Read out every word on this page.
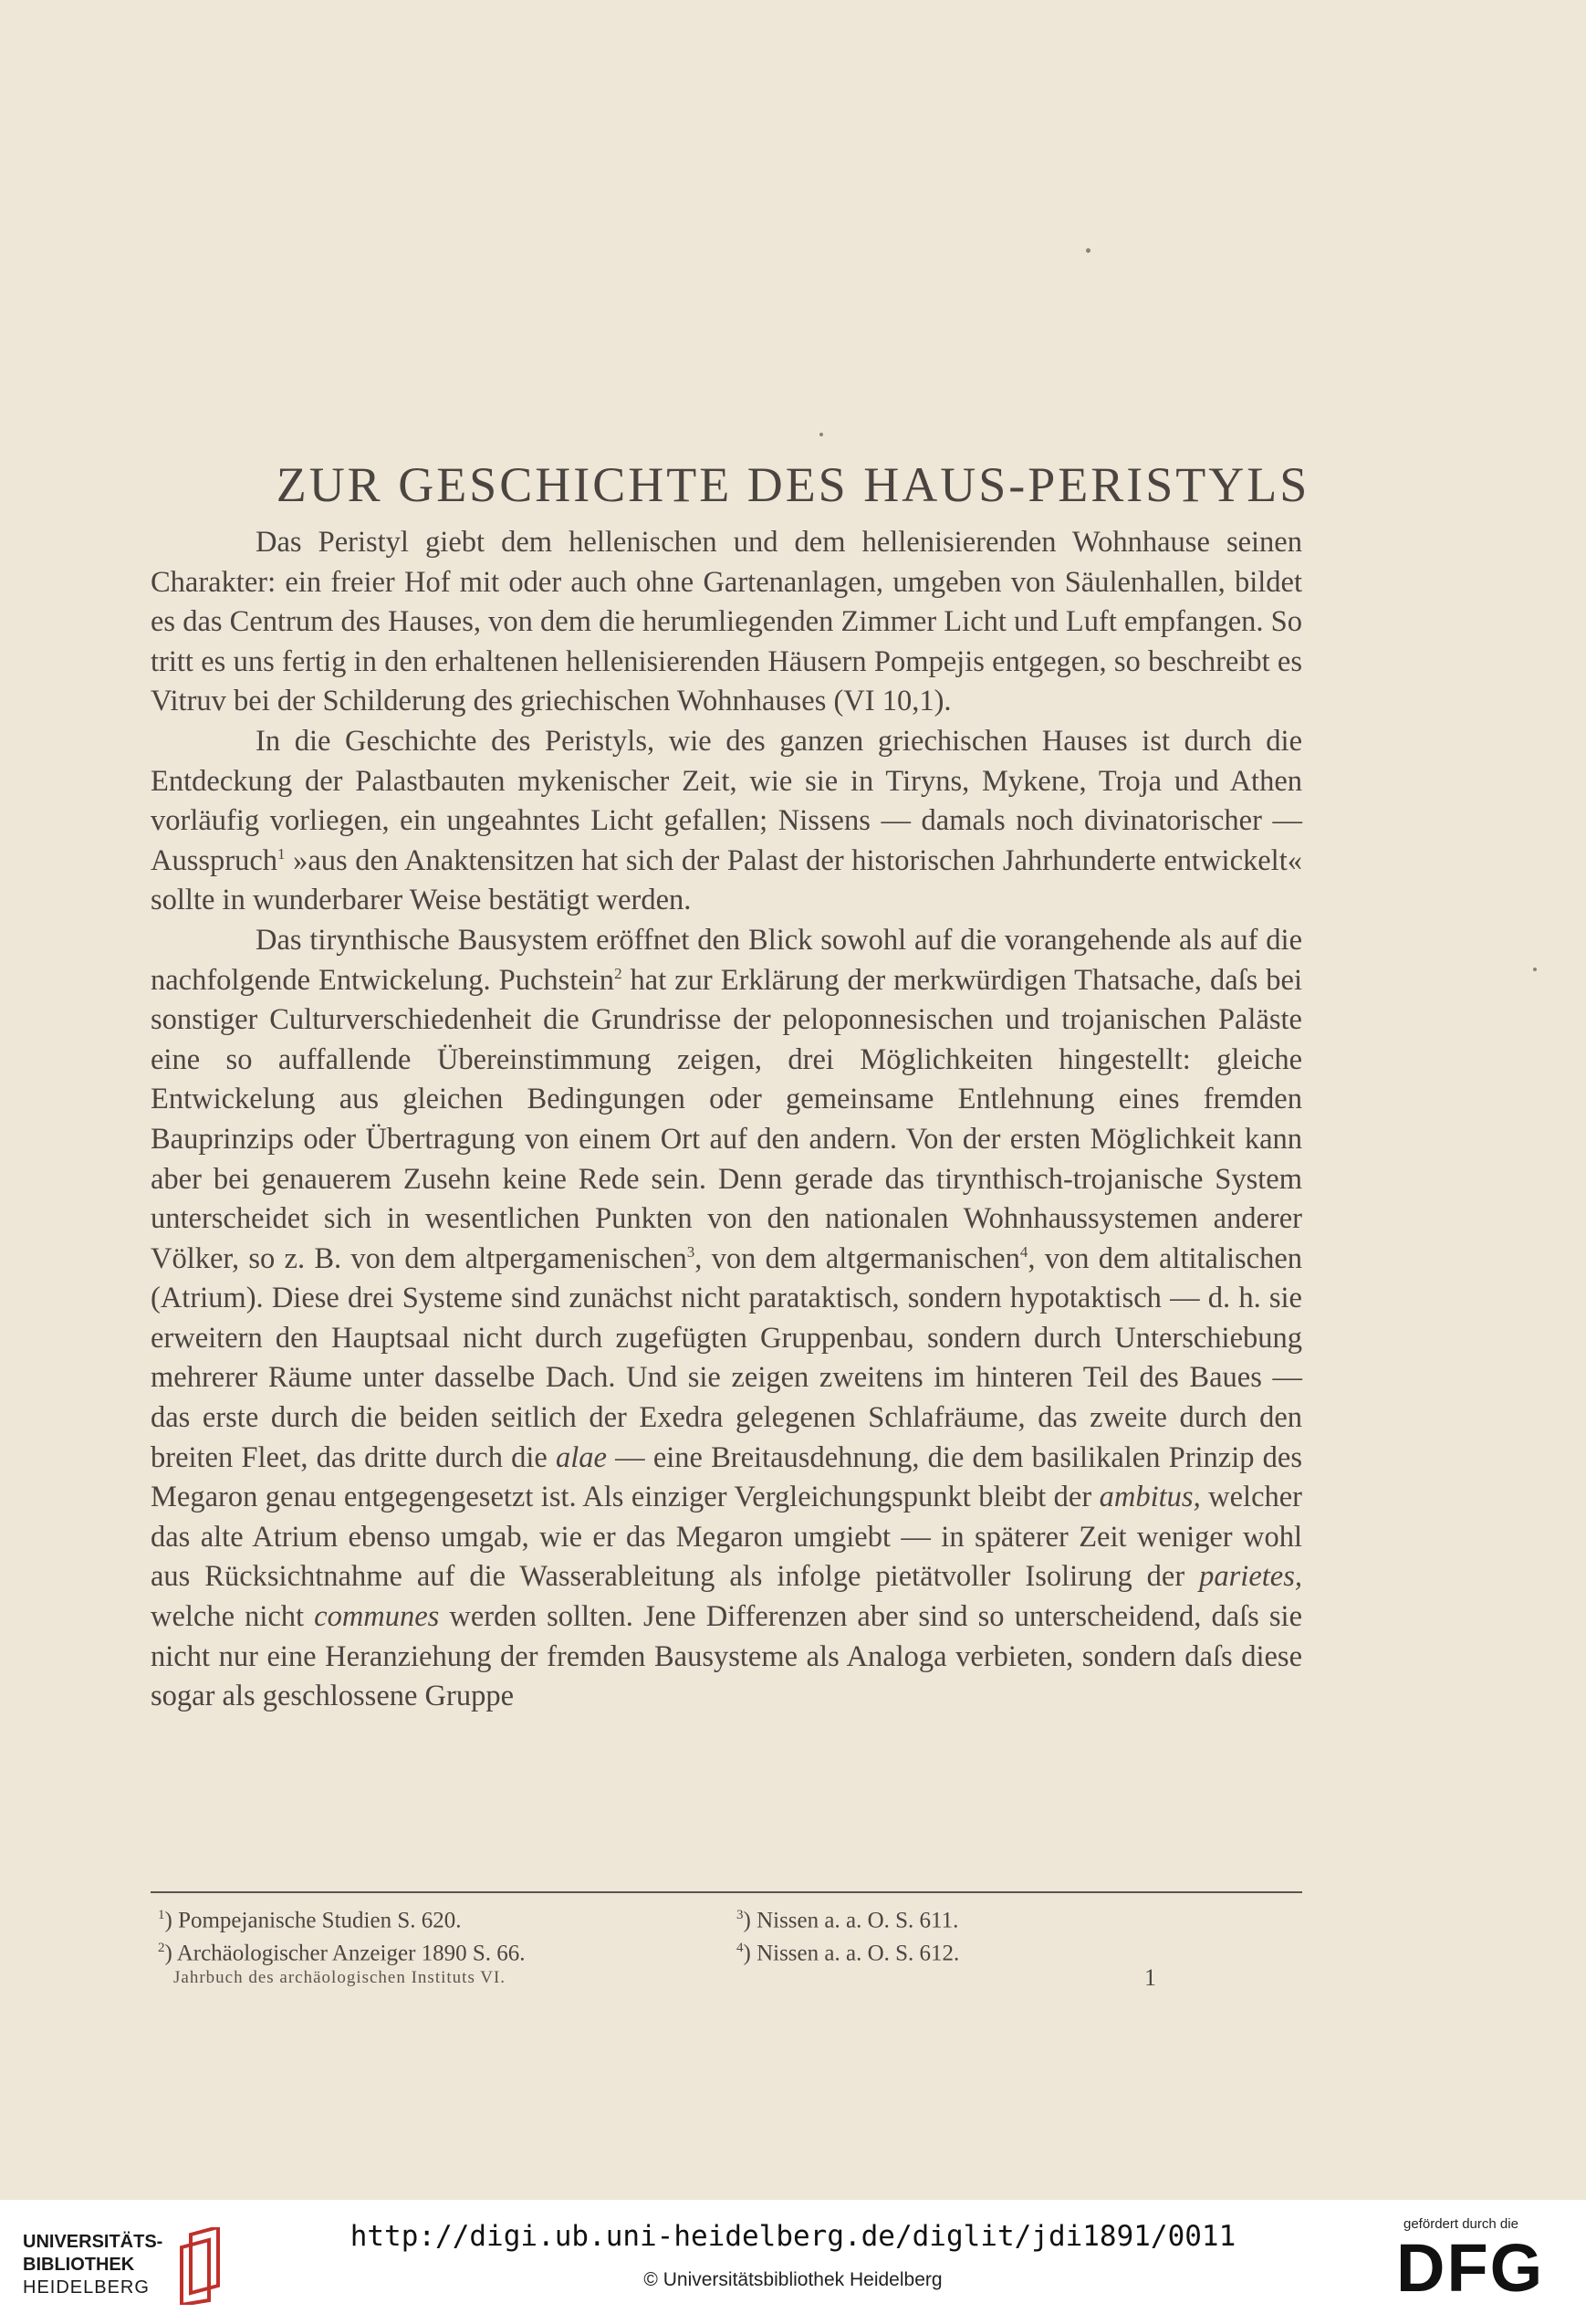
ZUR GESCHICHTE DES HAUS-PERISTYLS

Das Peristyl giebt dem hellenischen und dem hellenisierenden Wohnhause seinen Charakter: ein freier Hof mit oder auch ohne Gartenanlagen, umgeben von Säulenhallen, bildet es das Centrum des Hauses, von dem die herumliegenden Zimmer Licht und Luft empfangen. So tritt es uns fertig in den erhaltenen hellenisierenden Häusern Pompejis entgegen, so beschreibt es Vitruv bei der Schilderung des griechischen Wohnhauses (VI 10,1).

In die Geschichte des Peristyls, wie des ganzen griechischen Hauses ist durch die Entdeckung der Palastbauten mykenischer Zeit, wie sie in Tiryns, Mykene, Troja und Athen vorläufig vorliegen, ein ungeahntes Licht gefallen; Nissens — damals noch divinatorischer — Ausspruch$^1$ »aus den Anaktensitzen hat sich der Palast der historischen Jahrhunderte entwickelt« sollte in wunderbarer Weise bestätigt werden.

Das tirynthische Bausystem eröffnet den Blick sowohl auf die vorangehende als auf die nachfolgende Entwickelung. Puchstein$^2$ hat zur Erklärung der merkwürdigen Thatsache, daſs bei sonstiger Culturverschiedenheit die Grundrisse der peloponnesischen und trojanischen Paläste eine so auffallende Übereinstimmung zeigen, drei Möglichkeiten hingestellt: gleiche Entwickelung aus gleichen Bedingungen oder gemeinsame Entlehnung eines fremden Bauprinzips oder Übertragung von einem Ort auf den andern. Von der ersten Möglichkeit kann aber bei genauerem Zusehn keine Rede sein. Denn gerade das tirynthisch-trojanische System unterscheidet sich in wesentlichen Punkten von den nationalen Wohnhaussystemen anderer Völker, so z. B. von dem altpergamenischen$^3$, von dem altgermanischen$^4$, von dem altitalischen (Atrium). Diese drei Systeme sind zunächst nicht parataktisch, sondern hypotaktisch — d. h. sie erweitern den Hauptsaal nicht durch zugefügten Gruppenbau, sondern durch Unterschiebung mehrerer Räume unter dasselbe Dach. Und sie zeigen zweitens im hinteren Teil des Baues — das erste durch die beiden seitlich der Exedra gelegenen Schlafräume, das zweite durch den breiten Fleet, das dritte durch die alae — eine Breitausdehnung, die dem basilikalen Prinzip des Megaron genau entgegengesetzt ist. Als einziger Vergleichungspunkt bleibt der ambitus, welcher das alte Atrium ebenso umgab, wie er das Megaron umgiebt — in späterer Zeit weniger wohl aus Rücksichtnahme auf die Wasserableitung als infolge pietätvoller Isolirung der parietes, welche nicht communes werden sollten. Jene Differenzen aber sind so unterscheidend, daſs sie nicht nur eine Heranziehung der fremden Bausysteme als Analoga verbieten, sondern daſs diese sogar als geschlossene Gruppe

$^1$) Pompejanische Studien S. 620.
$^2$) Archäologischer Anzeiger 1890 S. 66.
$^3$) Nissen a. a. O. S. 611.
$^4$) Nissen a. a. O. S. 612.
Jahrbuch des archäologischen Instituts VI.	1
UNIVERSITÄTS-
BIBLIOTHEK
HEIDELBERG
http://digi.ub.uni-heidelberg.de/diglit/jdi1891/0011
© Universitätsbibliothek Heidelberg
gefördert durch die
DFG
